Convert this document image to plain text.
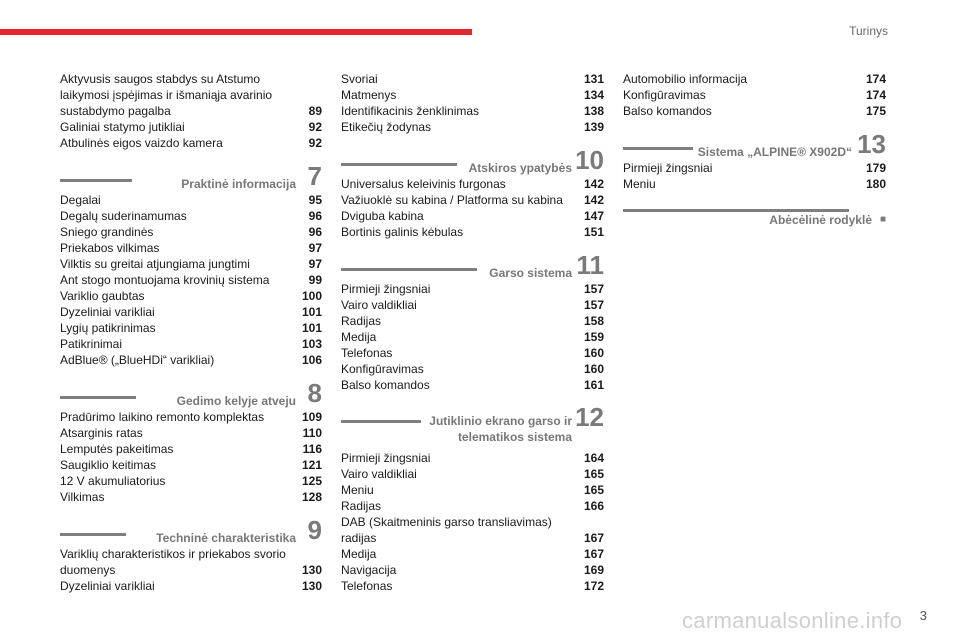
Turinys
Aktyvusis saugos stabdys su Atstumo laikymosi įspėjimas ir išmaniąja avarinio sustabdymo pagalba	89
Galiniai statymo jutikliai	92
Atbulinės eigos vaizdo kamera	92
Praktinė informacija 7
Degalai	95
Degalų suderinamumas	96
Sniego grandinės	96
Priekabos vilkimas	97
Vilktis su greitai atjungiama jungtimi	97
Ant stogo montuojama krovinių sistema	99
Variklio gaubtas	100
Dyzeliniai varikliai	101
Lygių patikrinimas	101
Patikrinimai	103
AdBlue® („BlueHDi“ varikliai)	106
Gedimo kelyje atveju 8
Pradūrimo laikino remonto komplektas	109
Atsarginis ratas	110
Lemputės pakeitimas	116
Saugiklio keitimas	121
12 V akumuliatorius	125
Vilkimas	128
Techninė charakteristika 9
Variklių charakteristikos ir priekabos svorio duomenys	130
Dyzeliniai varikliai	130
Svoriai	131
Matmenys	134
Identifikacinis ženklinimas	138
Etikečių žodynas	139
Atskiros ypatybės 10
Universalus keleivinis furgonas	142
Važiuoklė su kabina / Platforma su kabina	142
Dviguba kabina	147
Bortinis galinis kėbulas	151
Garso sistema 11
Pirmieji žingsniai	157
Vairo valdikliai	157
Radijas	158
Medija	159
Telefonas	160
Konfigūravimas	160
Balso komandos	161
Jutiklinio ekrano garso ir
telematikos sistema
12
Pirmieji žingsniai	164
Vairo valdikliai	165
Meniu	165
Radijas	166
DAB (Skaitmeninis garso transliavimas) radijas	167
Medija	167
Navigacija	169
Telefonas	172
Automobilio informacija	174
Konfigūravimas	174
Balso komandos	175
Sistema „ALPINE® X902D“ 13
Pirmieji žingsniai	179
Meniu	180
Abėcėlinė rodyklė ■
carmanualsonline.info 3
